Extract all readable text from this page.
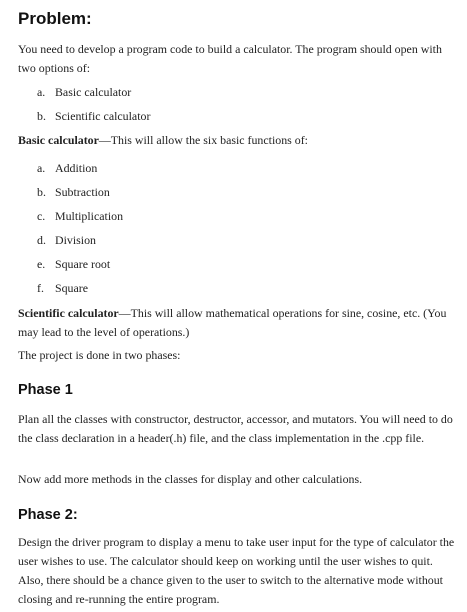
Problem:

You need to develop a program code to build a calculator. The program should open with two options of:

a. Basic calculator

b. Scientific calculator

Basic calculator—This will allow the six basic functions of:

a. Addition

b. Subtraction

c. Multiplication

d. Division

e. Square root

f. Square

Scientific calculator—This will allow mathematical operations for sine, cosine, etc. (You may lead to the level of operations.)

The project is done in two phases:

Phase 1

Plan all the classes with constructor, destructor, accessor, and mutators. You will need to do the class declaration in a header(.h) file, and the class implementation in the .cpp file.

Now add more methods in the classes for display and other calculations.

Phase 2:

Design the driver program to display a menu to take user input for the type of calculator the user wishes to use. The calculator should keep on working until the user wishes to quit. Also, there should be a chance given to the user to switch to the alternative mode without closing and re-running the entire program.
